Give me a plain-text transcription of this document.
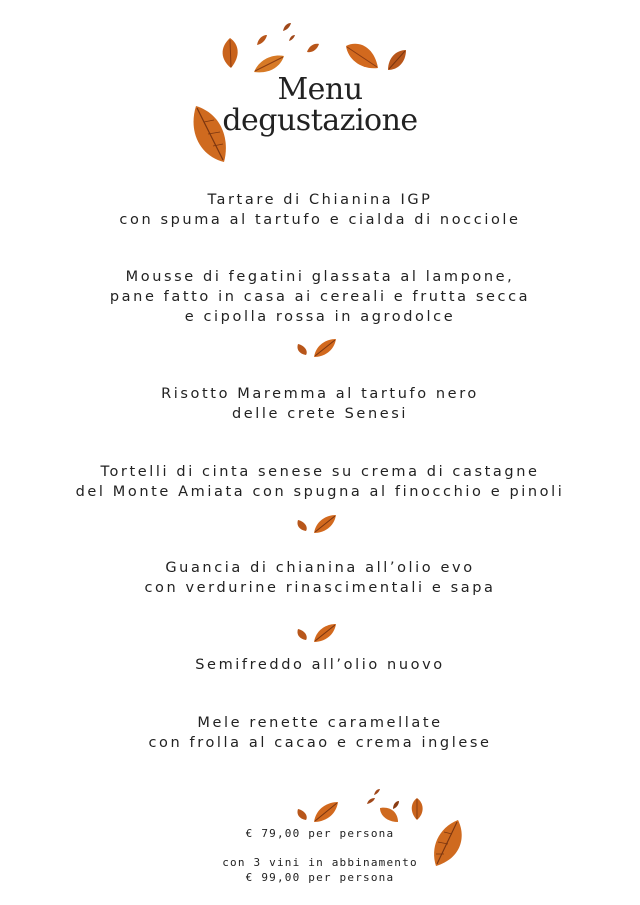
Menu
degustazione
Tartare di Chianina IGP
con spuma al tartufo e cialda di nocciole
Mousse di fegatini glassata al lampone,
pane fatto in casa ai cereali e frutta secca
e cipolla rossa in agrodolce
Risotto Maremma al tartufo nero
delle crete Senesi
Tortelli di cinta senese su crema di castagne
del Monte Amiata con spugna al finocchio e pinoli
Guancia di chianina all’olio evo
con verdurine rinascimentali e sapa
Semifreddo all’olio nuovo
Mele renette caramellate
con frolla al cacao e crema inglese
€ 79,00 per persona
con 3 vini in abbinamento
€ 99,00 per persona
